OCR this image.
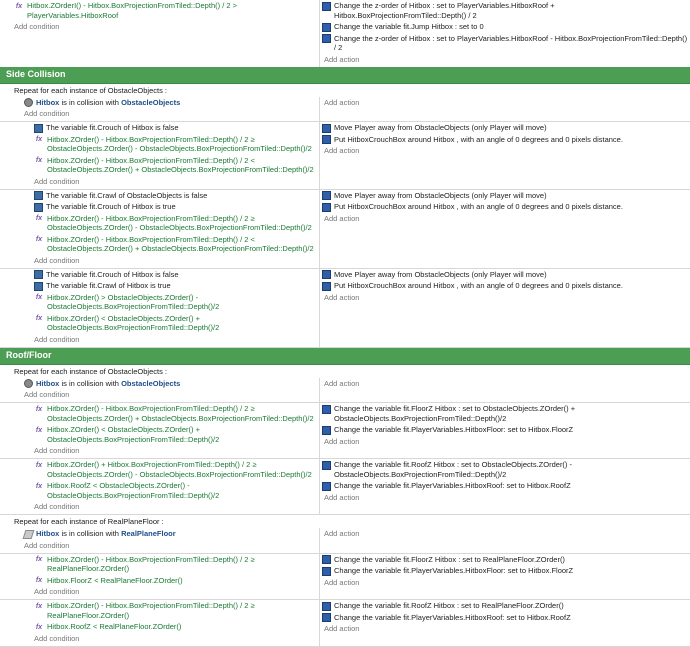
fx Hitbox.ZOrderI() - Hitbox.BoxProjectionFromTiled::Depth() / 2 > PlayerVariables.HitboxRoof
Add condition
Change the z-order of Hitbox : set to PlayerVariables.HitboxRoof + Hitbox.BoxProjectionFromTiled::Depth() / 2
Change the variable fit.Jump Hitbox : set to 0
Change the z-order of Hitbox : set to PlayerVariables.HitboxRoof - Hitbox.BoxProjectionFromTiled::Depth() / 2
Add action
Side Collision
Repeat for each instance of ObstacleObjects :
Hitbox is in collision with ObstacleObjects
Add condition
Add action
The variable fit.Crouch of Hitbox is false
fx Hitbox.ZOrder() - Hitbox.BoxProjectionFromTiled::Depth() / 2 ≥ ObstacleObjects.ZOrder() - ObstacleObjects.BoxProjectionFromTiled::Depth()/2
fx Hitbox.ZOrder() - Hitbox.BoxProjectionFromTiled::Depth() / 2 < ObstacleObjects.ZOrder() + ObstacleObjects.BoxProjectionFromTiled::Depth()/2
Add condition
Move Player away from ObstacleObjects (only Player will move)
Put HitboxCrouchBox around Hitbox , with an angle of 0 degrees and 0 pixels distance.
Add action
The variable fit.Crawl of ObstacleObjects is false
The variable fit.Crouch of Hitbox is true
fx Hitbox.ZOrder() - Hitbox.BoxProjectionFromTiled::Depth() / 2 ≥ ObstacleObjects.ZOrder() - ObstacleObjects.BoxProjectionFromTiled::Depth()/2
fx Hitbox.ZOrder() - Hitbox.BoxProjectionFromTiled::Depth() / 2 < ObstacleObjects.ZOrder() + ObstacleObjects.BoxProjectionFromTiled::Depth()/2
Add condition
Move Player away from ObstacleObjects (only Player will move)
Put HitboxCrouchBox around Hitbox , with an angle of 0 degrees and 0 pixels distance.
Add action
The variable fit.Crouch of Hitbox is false
The variable fit.Crawl of Hitbox is true
fx Hitbox.ZOrder() > ObstacleObjects.ZOrder() - ObstacleObjects.BoxProjectionFromTiled::Depth()/2
fx Hitbox.ZOrder() < ObstacleObjects.ZOrder() + ObstacleObjects.BoxProjectionFromTiled::Depth()/2
Add condition
Move Player away from ObstacleObjects (only Player will move)
Put HitboxCrouchBox around Hitbox , with an angle of 0 degrees and 0 pixels distance.
Add action
Roof/Floor
Repeat for each instance of ObstacleObjects :
Hitbox is in collision with ObstacleObjects
Add condition
Add action
fx Hitbox.ZOrder() - Hitbox.BoxProjectionFromTiled::Depth() / 2 ≥ ObstacleObjects.ZOrder() + ObstacleObjects.BoxProjectionFromTiled::Depth()/2
fx Hitbox.ZOrder() < ObstacleObjects.ZOrder() + ObstacleObjects.BoxProjectionFromTiled::Depth()/2
Add condition
Change the variable fit.FloorZ Hitbox : set to ObstacleObjects.ZOrder() + ObstacleObjects.BoxProjectionFromTiled::Depth()/2
Change the variable fit.PlayerVariables.HitboxFloor: set to Hitbox.FloorZ
Add action
fx Hitbox.ZOrder() + Hitbox.BoxProjectionFromTiled::Depth() / 2 ≥ ObstacleObjects.ZOrder() - ObstacleObjects.BoxProjectionFromTiled::Depth()/2
fx Hitbox.RoofZ < ObstacleObjects.ZOrder() - ObstacleObjects.BoxProjectionFromTiled::Depth()/2
Add condition
Change the variable fit.RoofZ Hitbox : set to ObstacleObjects.ZOrder() - ObstacleObjects.BoxProjectionFromTiled::Depth()/2
Change the variable fit.PlayerVariables.HitboxRoof: set to Hitbox.RoofZ
Add action
Repeat for each instance of RealPlaneFloor :
Hitbox is in collision with RealPlaneFloor
Add condition
Add action
fx Hitbox.ZOrder() - Hitbox.BoxProjectionFromTiled::Depth() / 2 ≥ RealPlaneFloor.ZOrder()
fx Hitbox.FloorZ < RealPlaneFloor.ZOrder()
Add condition
Change the variable fit.FloorZ Hitbox : set to RealPlaneFloor.ZOrder()
Change the variable fit.PlayerVariables.HitboxFloor: set to Hitbox.FloorZ
Add action
fx Hitbox.ZOrder() - Hitbox.BoxProjectionFromTiled::Depth() / 2 ≥ RealPlaneFloor.ZOrder()
fx Hitbox.RoofZ < RealPlaneFloor.ZOrder()
Add condition
Change the variable fit.RoofZ Hitbox : set to RealPlaneFloor.ZOrder()
Change the variable fit.PlayerVariables.HitboxRoof: set to Hitbox.RoofZ
Add action
